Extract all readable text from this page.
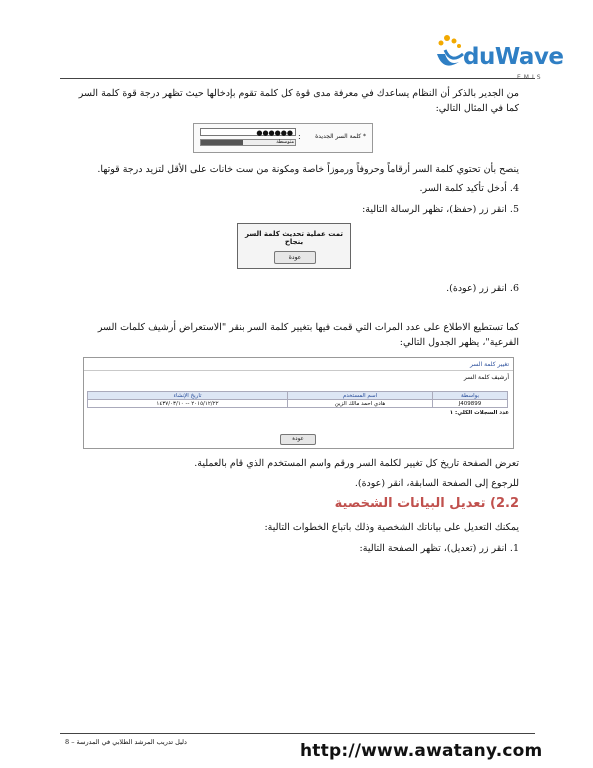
duWave
EMIS
من الجدير بالذكر أن النظام يساعدك في معرفة مدى قوة كل كلمة تقوم بإدخالها حيث تظهر درجة قوة كلمة السر كما في المثال التالي:
* كلمة السر الجديدة
:
●●●●●●
متوسطة
ينصح بأن تحتوي كلمة السر أرقاماً وحروفاً ورموزاً خاصة ومكونة من ست خانات على الأقل لتزيد درجة قوتها.
4. أدخل تأكيد كلمة السر.
5. انقر زر (حفظ)، تظهر الرسالة التالية:
تمت عملية تحديث كلمة السر بنجاح
عودة
6. انقر زر (عودة).
كما تستطيع الاطلاع على عدد المرات التي قمت فيها بتغيير كلمة السر بنقر "الاستعراض أرشيف كلمات السر الفرعية"، يظهر الجدول التالي:
تغيير كلمة السر
أرشيف كلمة السر
بواسطة	اسم المستخدم	تاريخ الإنشاء
J409899	هادي احمد مالك الزين	٢٠١٥/١٢/٢٢ -- ١٤٣٧/٠٣/١٠
عدد السجلات الكلي: ١
عودة
تعرض الصفحة تاريخ كل تغيير لكلمة السر ورقم واسم المستخدم الذي قام بالعملية.
للرجوع إلى الصفحة السابقة، انقر (عودة).
2.2) تعديل البيانات الشخصية
يمكنك التعديل على بياناتك الشخصية وذلك باتباع الخطوات التالية:
1. انقر زر (تعديل)، تظهر الصفحة التالية:
دليل تدريب المرشد الطلابي في المدرسة – 8	http://www.awatany.com
